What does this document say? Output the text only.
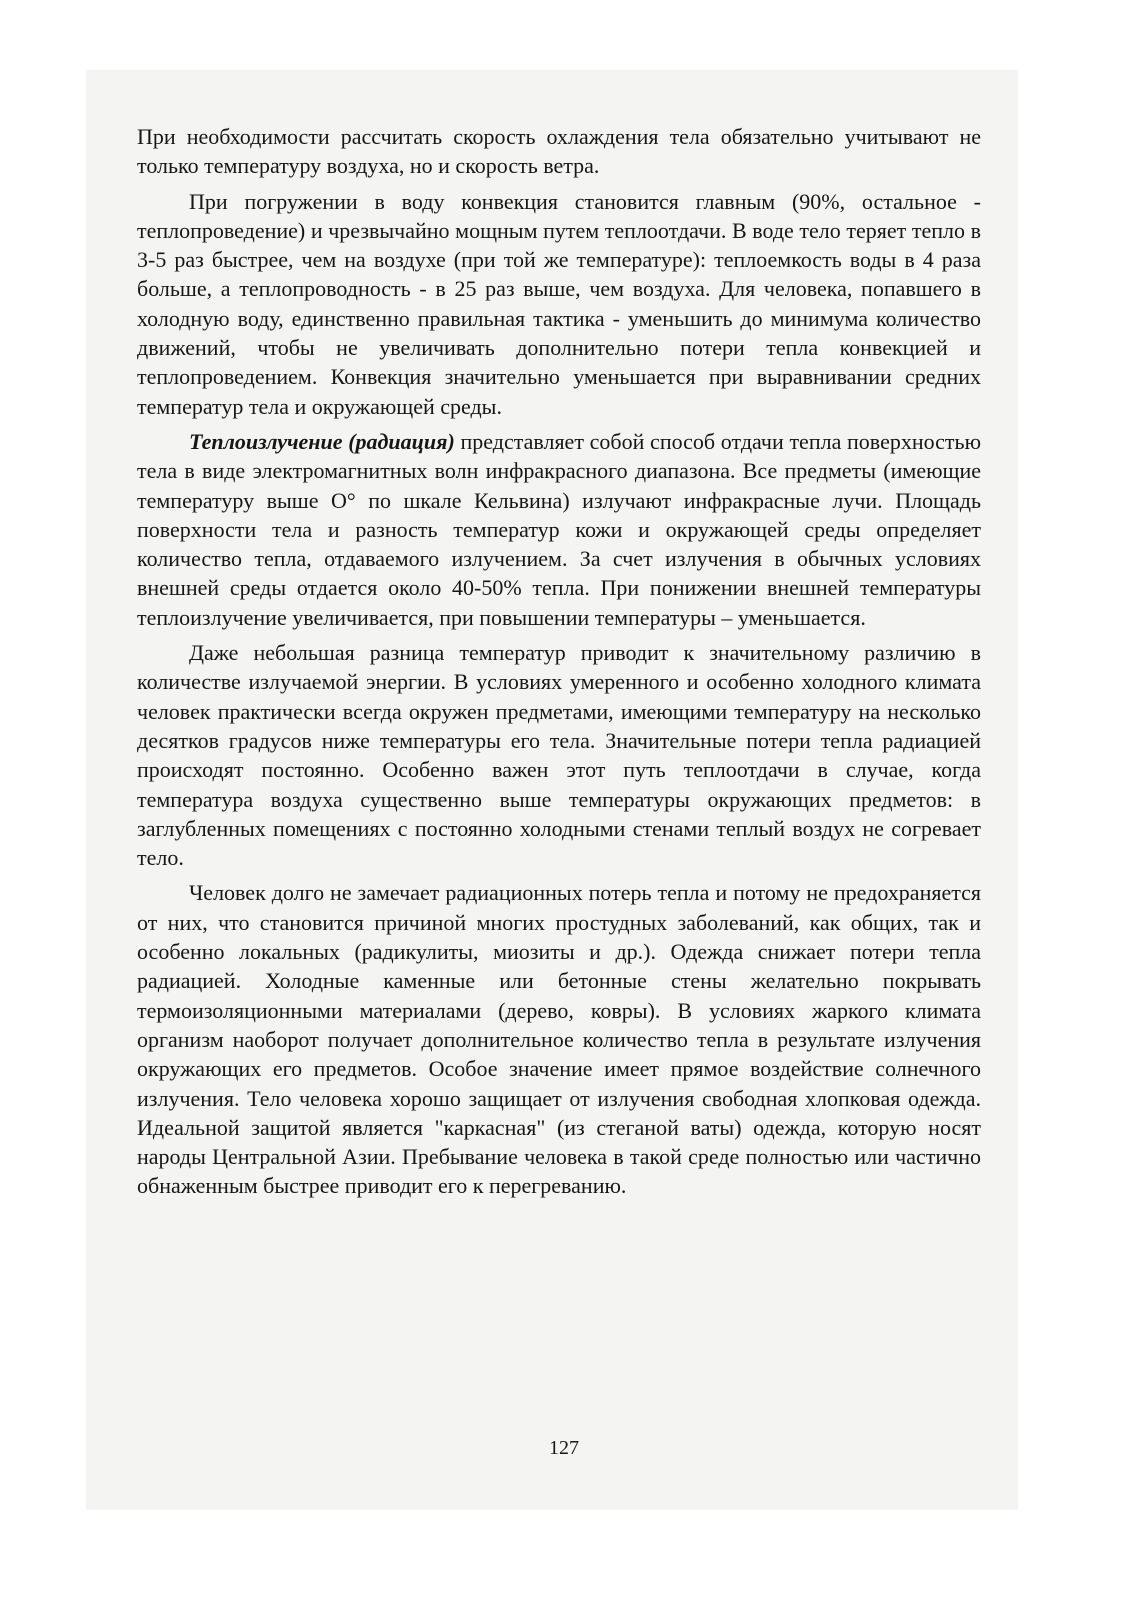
При необходимости рассчитать скорость охлаждения тела обязательно учитывают не только температуру воздуха, но и скорость ветра.

При погружении в воду конвекция становится главным (90%, остальное - теплопроведение) и чрезвычайно мощным путем теплоотдачи. В воде тело теряет тепло в 3-5 раз быстрее, чем на воздухе (при той же температуре): теплоемкость воды в 4 раза больше, а теплопроводность - в 25 раз выше, чем воздуха. Для человека, попавшего в холодную воду, единственно правильная тактика - уменьшить до минимума количество движений, чтобы не увеличивать дополнительно потери тепла конвекцией и теплопроведением. Конвекция значительно уменьшается при выравнивании средних температур тела и окружающей среды.

Теплоизлучение (радиация) представляет собой способ отдачи тепла поверхностью тела в виде электромагнитных волн инфракрасного диапазона. Все предметы (имеющие температуру выше О° по шкале Кельвина) излучают инфракрасные лучи. Площадь поверхности тела и разность температур кожи и окружающей среды определяет количество тепла, отдаваемого излучением. За счет излучения в обычных условиях внешней среды отдается около 40-50% тепла. При понижении внешней температуры теплоизлучение увеличивается, при повышении температуры – уменьшается.

Даже небольшая разница температур приводит к значительному различию в количестве излучаемой энергии. В условиях умеренного и особенно холодного климата человек практически всегда окружен предметами, имеющими температуру на несколько десятков градусов ниже температуры его тела. Значительные потери тепла радиацией происходят постоянно. Особенно важен этот путь теплоотдачи в случае, когда температура воздуха существенно выше температуры окружающих предметов: в заглубленных помещениях с постоянно холодными стенами теплый воздух не согревает тело.

Человек долго не замечает радиационных потерь тепла и потому не предохраняется от них, что становится причиной многих простудных заболеваний, как общих, так и особенно локальных (радикулиты, миозиты и др.). Одежда снижает потери тепла радиацией. Холодные каменные или бетонные стены желательно покрывать термоизоляционными материалами (дерево, ковры). В условиях жаркого климата организм наоборот получает дополнительное количество тепла в результате излучения окружающих его предметов. Особое значение имеет прямое воздействие солнечного излучения. Тело человека хорошо защищает от излучения свободная хлопковая одежда. Идеальной защитой является "каркасная" (из стеганой ваты) одежда, которую носят народы Центральной Азии. Пребывание человека в такой среде полностью или частично обнаженным быстрее приводит его к перегреванию.

127
